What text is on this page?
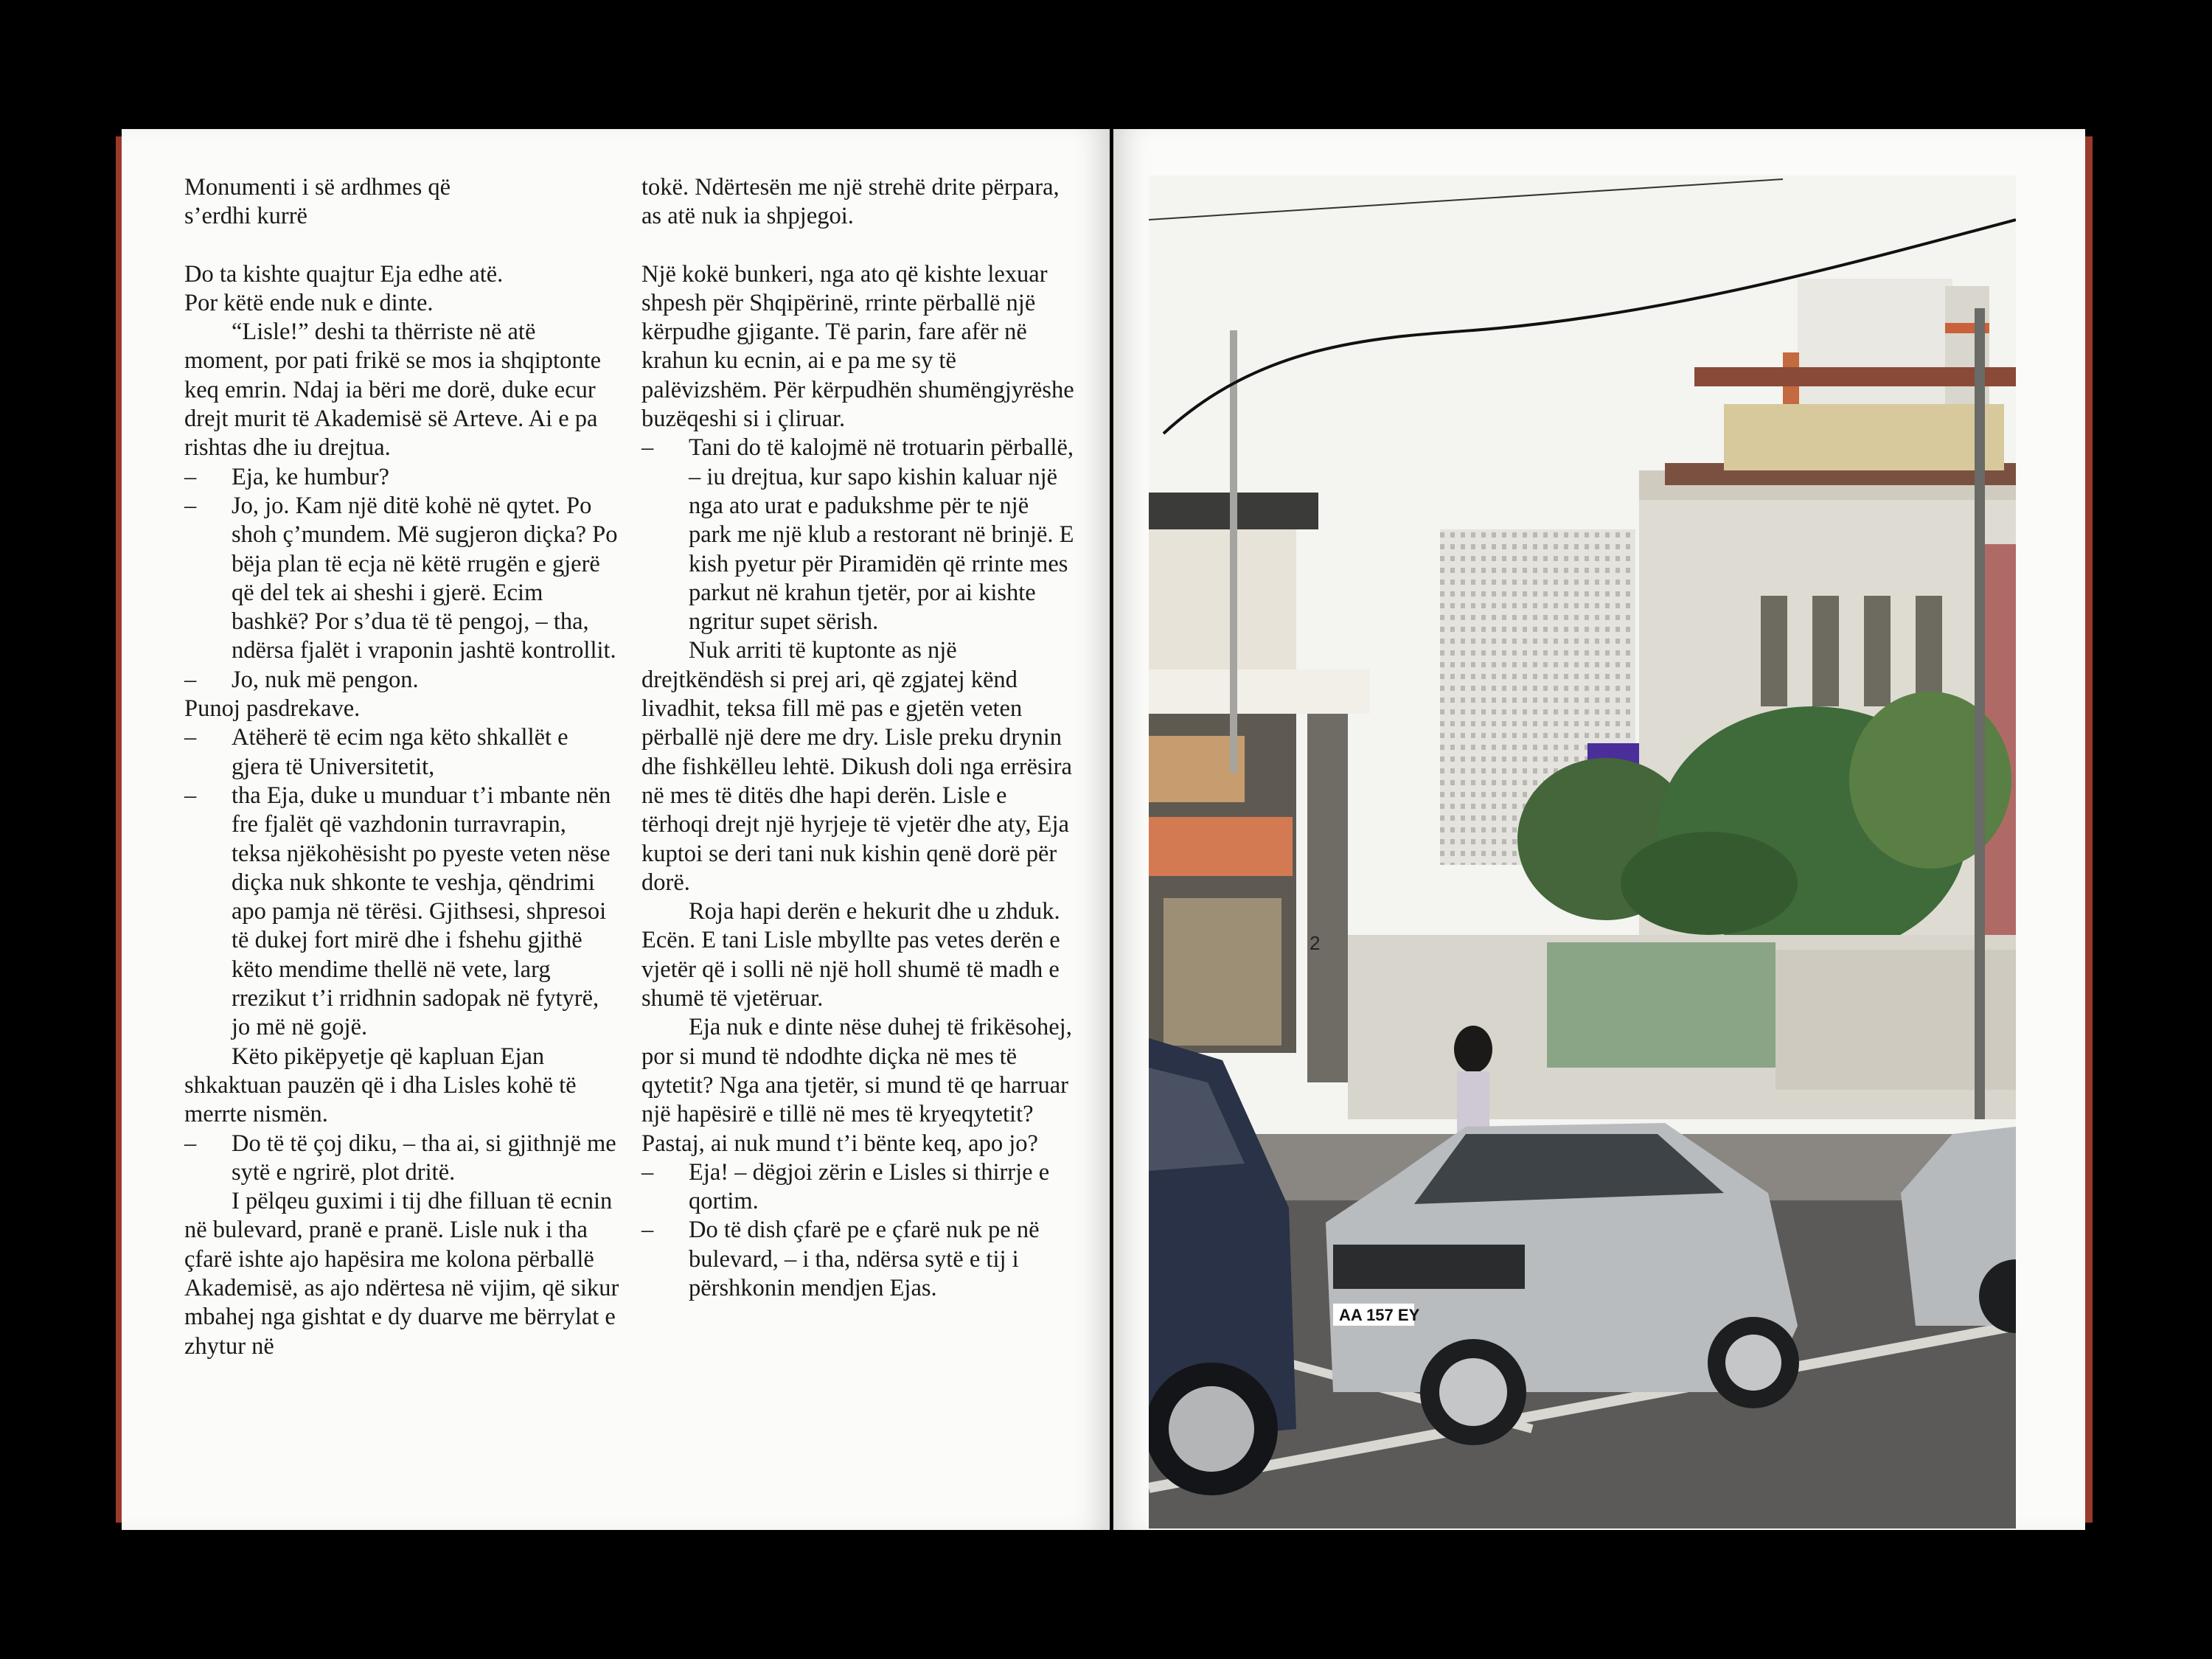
Monumenti i së ardhmes që
s’erdhi kurrë

Do ta kishte quajtur Eja edhe atë.

Por këtë ende nuk e dinte.

“Lisle!” deshi ta thërriste në atë moment, por pati frikë se mos ia shqiptonte keq emrin. Ndaj ia bëri me dorë, duke ecur drejt murit të Akademisë së Arteve. Ai e pa rishtas dhe iu drejtua.

– Eja, ke humbur?

– Jo, jo. Kam një ditë kohë në qytet. Po shoh ç’mundem. Më sugjeron diçka? Po bëja plan të ecja në këtë rrugën e gjerë që del tek ai sheshi i gjerë. Ecim bashkë? Por s’dua të të pengoj, – tha, ndërsa fjalët i vraponin jashtë kontrollit.

– Jo, nuk më pengon.

Punoj pasdrekave.

– Atëherë të ecim nga këto shkallët e gjera të Universitetit,

– tha Eja, duke u munduar t’i mbante nën fre fjalët që vazhdonin turravrapin, teksa njëkohësisht po pyeste veten nëse diçka nuk shkonte te veshja, qëndrimi apo pamja në tërësi. Gjithsesi, shpresoi të dukej fort mirë dhe i fshehu gjithë këto mendime thellë në vete, larg rrezikut t’i rridhnin sadopak në fytyrë, jo më në gojë.

Këto pikëpyetje që kapluan Ejan shkaktuan pauzën që i dha Lisles kohë të merrte nismën.

– Do të të çoj diku, – tha ai, si gjithnjë me sytë e ngrirë, plot dritë.

I pëlqeu guximi i tij dhe filluan të ecnin në bulevard, pranë e pranë. Lisle nuk i tha çfarë ishte ajo hapësira me kolona përballë Akademisë, as ajo ndërtesa në vijim, që sikur mbahej nga gishtat e dy duarve me bërrylat e zhytur në

tokë. Ndërtesën me një strehë drite përpara, as atë nuk ia shpjegoi.

Një kokë bunkeri, nga ato që kishte lexuar shpesh për Shqipërinë, rrinte përballë një kërpudhe gjigante. Të parin, fare afër në krahun ku ecnin, ai e pa me sy të palëvizshëm. Për kërpudhën shumëngjyrëshe buzëqeshi si i çliruar.

– Tani do të kalojmë në trotuarin përballë, – iu drejtua, kur sapo kishin kaluar një nga ato urat e padukshme për te një park me një klub a restorant në brinjë. E kish pyetur për Piramidën që rrinte mes parkut në krahun tjetër, por ai kishte ngritur supet sërish.

Nuk arriti të kuptonte as një drejtkëndësh si prej ari, që zgjatej kënd livadhit, teksa fill më pas e gjetën veten përballë një dere me dry. Lisle preku drynin dhe fishkëlleu lehtë. Dikush doli nga errësira në mes të ditës dhe hapi derën. Lisle e tërhoqi drejt një hyrjeje të vjetër dhe aty, Eja kuptoi se deri tani nuk kishin qenë dorë për dorë.

Roja hapi derën e hekurit dhe u zhduk. Ecën. E tani Lisle mbyllte pas vetes derën e vjetër që i solli në një holl shumë të madh e shumë të vjetëruar.

Eja nuk e dinte nëse duhej të frikësohej, por si mund të ndodhte diçka në mes të qytetit? Nga ana tjetër, si mund të qe harruar një hapësirë e tillë në mes të kryeqytetit? Pastaj, ai nuk mund t’i bënte keq, apo jo?

– Eja! – dëgjoi zërin e Lisles si thirrje e qortim.

– Do të dish çfarë pe e çfarë nuk pe në bulevard, – i tha, ndërsa sytë e tij i përshkonin mendjen Ejas.

AA 157 EY
2
